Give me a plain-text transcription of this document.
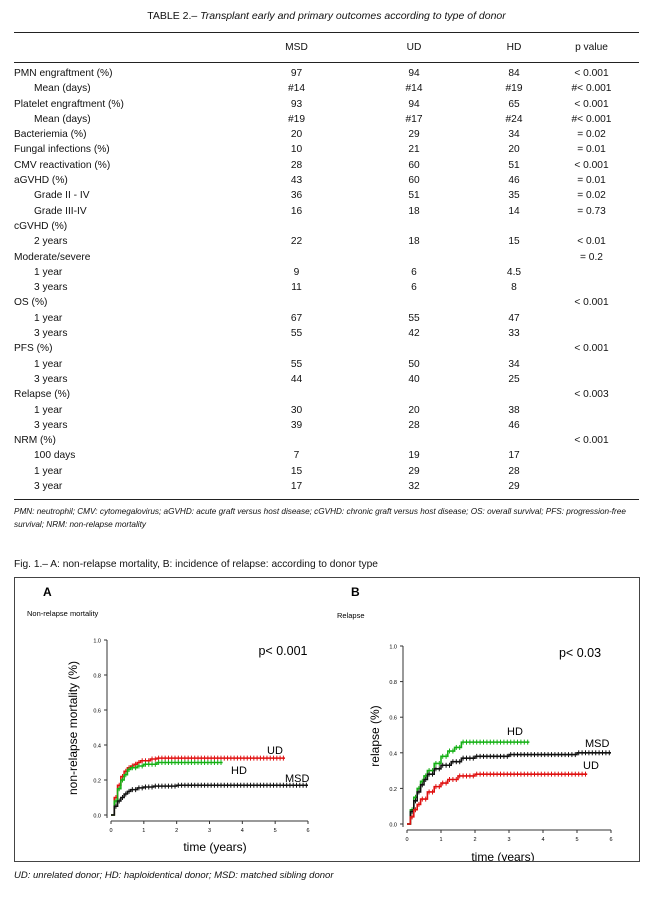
TABLE 2.– Transplant early and primary outcomes according to type of donor
	MSD	UD	HD	p value

PMN engraftment (%)	97	94	84	< 0.001
Mean (days)	#14	#14	#19	#< 0.001
Platelet engraftment (%)	93	94	65	< 0.001
Mean (days)	#19	#17	#24	#< 0.001
Bacteriemia (%)	20	29	34	= 0.02
Fungal infections (%)	10	21	20	= 0.01
CMV reactivation (%)	28	60	51	< 0.001
aGVHD (%)	43	60	46	= 0.01
Grade II - IV	36	51	35	= 0.02
Grade III-IV	16	18	14	= 0.73
cGVHD (%)				
2 years	22	18	15	< 0.01
Moderate/severe				= 0.2
1 year	9	6	4.5	
3 years	11	6	8	
OS (%)				< 0.001
1 year	67	55	47	
3 years	55	42	33	
PFS (%)				< 0.001
1 year	55	50	34	
3 years	44	40	25	
Relapse (%)				< 0.003
1 year	30	20	38	
3 years	39	28	46	
NRM (%)				< 0.001
100 days	7	19	17	
1 year	15	29	28	
3 year	17	32	29	
PMN: neutrophil; CMV: cytomegalovirus; aGVHD: acute graft versus host disease; cGVHD: chronic graft versus host disease; OS: overall survival; PFS: progression-free survival; NRM: non-relapse mortality
Fig. 1.– A: non-relapse mortality, B: incidence of relapse: according to donor type
A
Non-relapse mortality
0.0
0.2
0.4
0.6
0.8
1.0
0	1	2	3	4	5	6
non-relapse mortality (%)
time (years)
p< 0.001
UD
HD
MSD
B
Relapse
0.0
0.2
0.4
0.6
0.8
1.0
0	1	2	3	4	5	6
relapse (%)
time (years)
p< 0.03
HD
MSD
UD
UD: unrelated donor; HD: haploidentical donor; MSD: matched sibling donor
